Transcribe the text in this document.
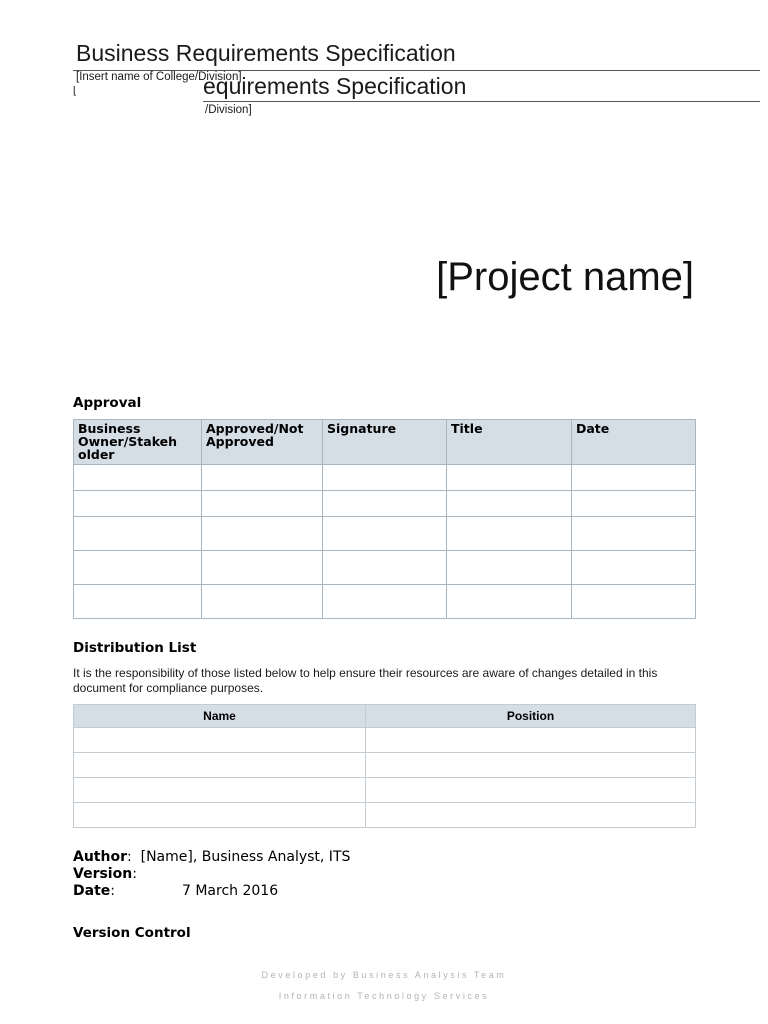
Business Requirements Specification
[Insert name of College/Division]
[	equirements Specification
/Division]
[Project name]
Approval
Business Owner/Stakeh older	Approved/Not Approved	Signature	Title	Date

Distribution List
It is the responsibility of those listed below to help ensure their resources are aware of changes detailed in this document for compliance purposes.
Name	Position

Author:  [Name], Business Analyst, ITS
Version:
Date:	7 March 2016
Version Control
Developed by Business Analysis Team
Information Technology Services
